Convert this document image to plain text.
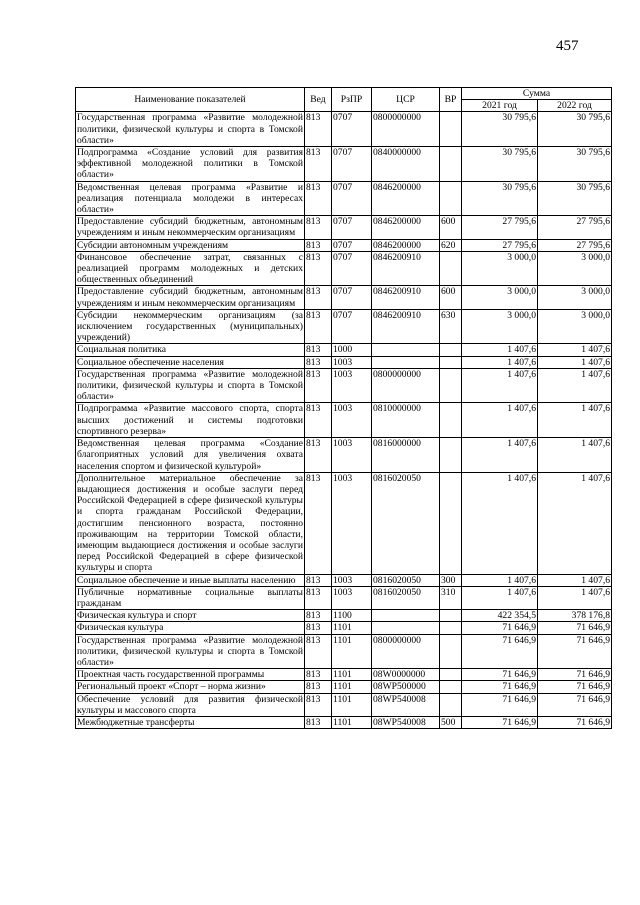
457
Наименование показателей	Вед	РзПР	ЦСР	ВР	Сумма	
					2021 год	2022 год
Государственная программа «Развитие молодежной политики, физической культуры и спорта в Томской области»	813	0707	0800000000		30 795,6	30 795,6
Подпрограмма «Создание условий для развития эффективной молодежной политики в Томской области»	813	0707	0840000000		30 795,6	30 795,6
Ведомственная целевая программа «Развитие и реализация потенциала молодежи в интересах области»	813	0707	0846200000		30 795,6	30 795,6
Предоставление субсидий бюджетным, автономным учреждениям и иным некоммерческим организациям	813	0707	0846200000	600	27 795,6	27 795,6
Субсидии автономным учреждениям	813	0707	0846200000	620	27 795,6	27 795,6
Финансовое обеспечение затрат, связанных с реализацией программ молодежных и детских общественных объединений	813	0707	0846200910		3 000,0	3 000,0
Предоставление субсидий бюджетным, автономным учреждениям и иным некоммерческим организациям	813	0707	0846200910	600	3 000,0	3 000,0
Субсидии некоммерческим организациям (за исключением государственных (муниципальных) учреждений)	813	0707	0846200910	630	3 000,0	3 000,0
Социальная политика	813	1000			1 407,6	1 407,6
Социальное обеспечение населения	813	1003			1 407,6	1 407,6
Государственная программа «Развитие молодежной политики, физической культуры и спорта в Томской области»	813	1003	0800000000		1 407,6	1 407,6
Подпрограмма «Развитие массового спорта, спорта высших достижений и системы подготовки спортивного резерва»	813	1003	0810000000		1 407,6	1 407,6
Ведомственная целевая программа «Создание благоприятных условий для увеличения охвата населения спортом и физической культурой»	813	1003	0816000000		1 407,6	1 407,6
Дополнительное материальное обеспечение за выдающиеся достижения и особые заслуги перед Российской Федерацией в сфере физической культуры и спорта гражданам Российской Федерации, достигшим пенсионного возраста, постоянно проживающим на территории Томской области, имеющим выдающиеся достижения и особые заслуги перед Российской Федерацией в сфере физической культуры и спорта	813	1003	0816020050		1 407,6	1 407,6
Социальное обеспечение и иные выплаты населению	813	1003	0816020050	300	1 407,6	1 407,6
Публичные нормативные социальные выплаты гражданам	813	1003	0816020050	310	1 407,6	1 407,6
Физическая культура и спорт	813	1100			422 354,5	378 176,8
Физическая культура	813	1101			71 646,9	71 646,9
Государственная программа «Развитие молодежной политики, физической культуры и спорта в Томской области»	813	1101	0800000000		71 646,9	71 646,9
Проектная часть государственной программы	813	1101	08W0000000		71 646,9	71 646,9
Региональный проект «Спорт – норма жизни»	813	1101	08WP500000		71 646,9	71 646,9
Обеспечение условий для развития физической культуры и массового спорта	813	1101	08WP540008		71 646,9	71 646,9
Межбюджетные трансферты	813	1101	08WP540008	500	71 646,9	71 646,9
